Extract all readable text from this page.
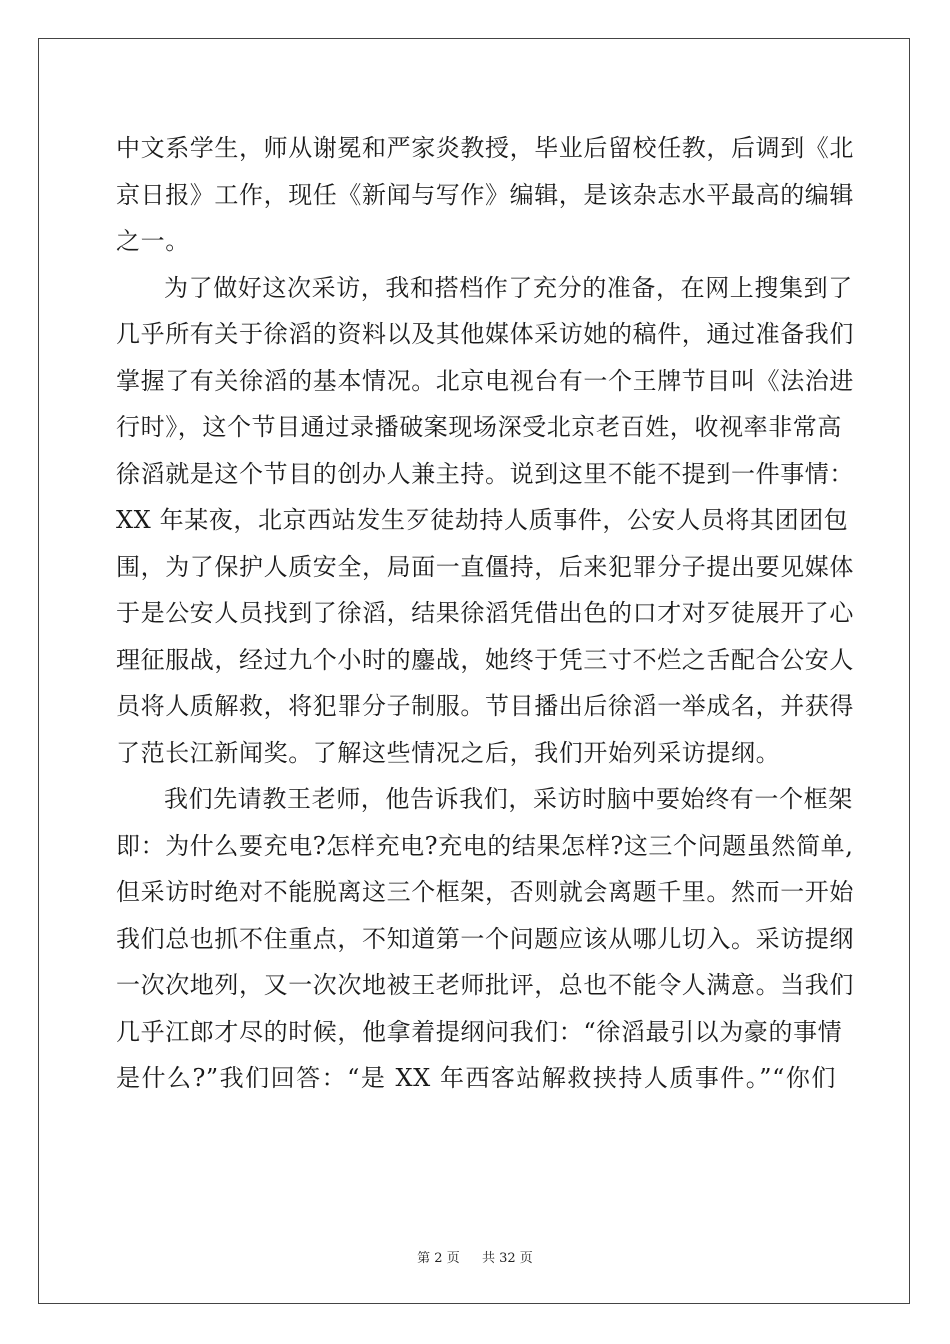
中文系学生，师从谢冕和严家炎教授，毕业后留校任教，后调到《北
京日报》工作，现任《新闻与写作》编辑，是该杂志水平最高的编辑
之一。
为了做好这次采访，我和搭档作了充分的准备，在网上搜集到了
几乎所有关于徐滔的资料以及其他媒体采访她的稿件，通过准备我们
掌握了有关徐滔的基本情况。北京电视台有一个王牌节目叫《法治进
行时》，这个节目通过录播破案现场深受北京老百姓，收视率非常高
徐滔就是这个节目的创办人兼主持。说到这里不能不提到一件事情：
XX 年某夜，北京西站发生歹徒劫持人质事件，公安人员将其团团包
围，为了保护人质安全，局面一直僵持，后来犯罪分子提出要见媒体
于是公安人员找到了徐滔，结果徐滔凭借出色的口才对歹徒展开了心
理征服战，经过九个小时的鏖战，她终于凭三寸不烂之舌配合公安人
员将人质解救，将犯罪分子制服。节目播出后徐滔一举成名，并获得
了范长江新闻奖。了解这些情况之后，我们开始列采访提纲。
我们先请教王老师，他告诉我们，采访时脑中要始终有一个框架
即：为什么要充电?怎样充电?充电的结果怎样?这三个问题虽然简单,
但采访时绝对不能脱离这三个框架，否则就会离题千里。然而一开始
我们总也抓不住重点，不知道第一个问题应该从哪儿切入。采访提纲
一次次地列，又一次次地被王老师批评，总也不能令人满意。当我们
几乎江郎才尽的时候，他拿着提纲问我们：“徐滔最引以为豪的事情
是什么?”我们回答：“是 XX 年西客站解救挟持人质事件。”“你们
第 2 页 共 32 页
